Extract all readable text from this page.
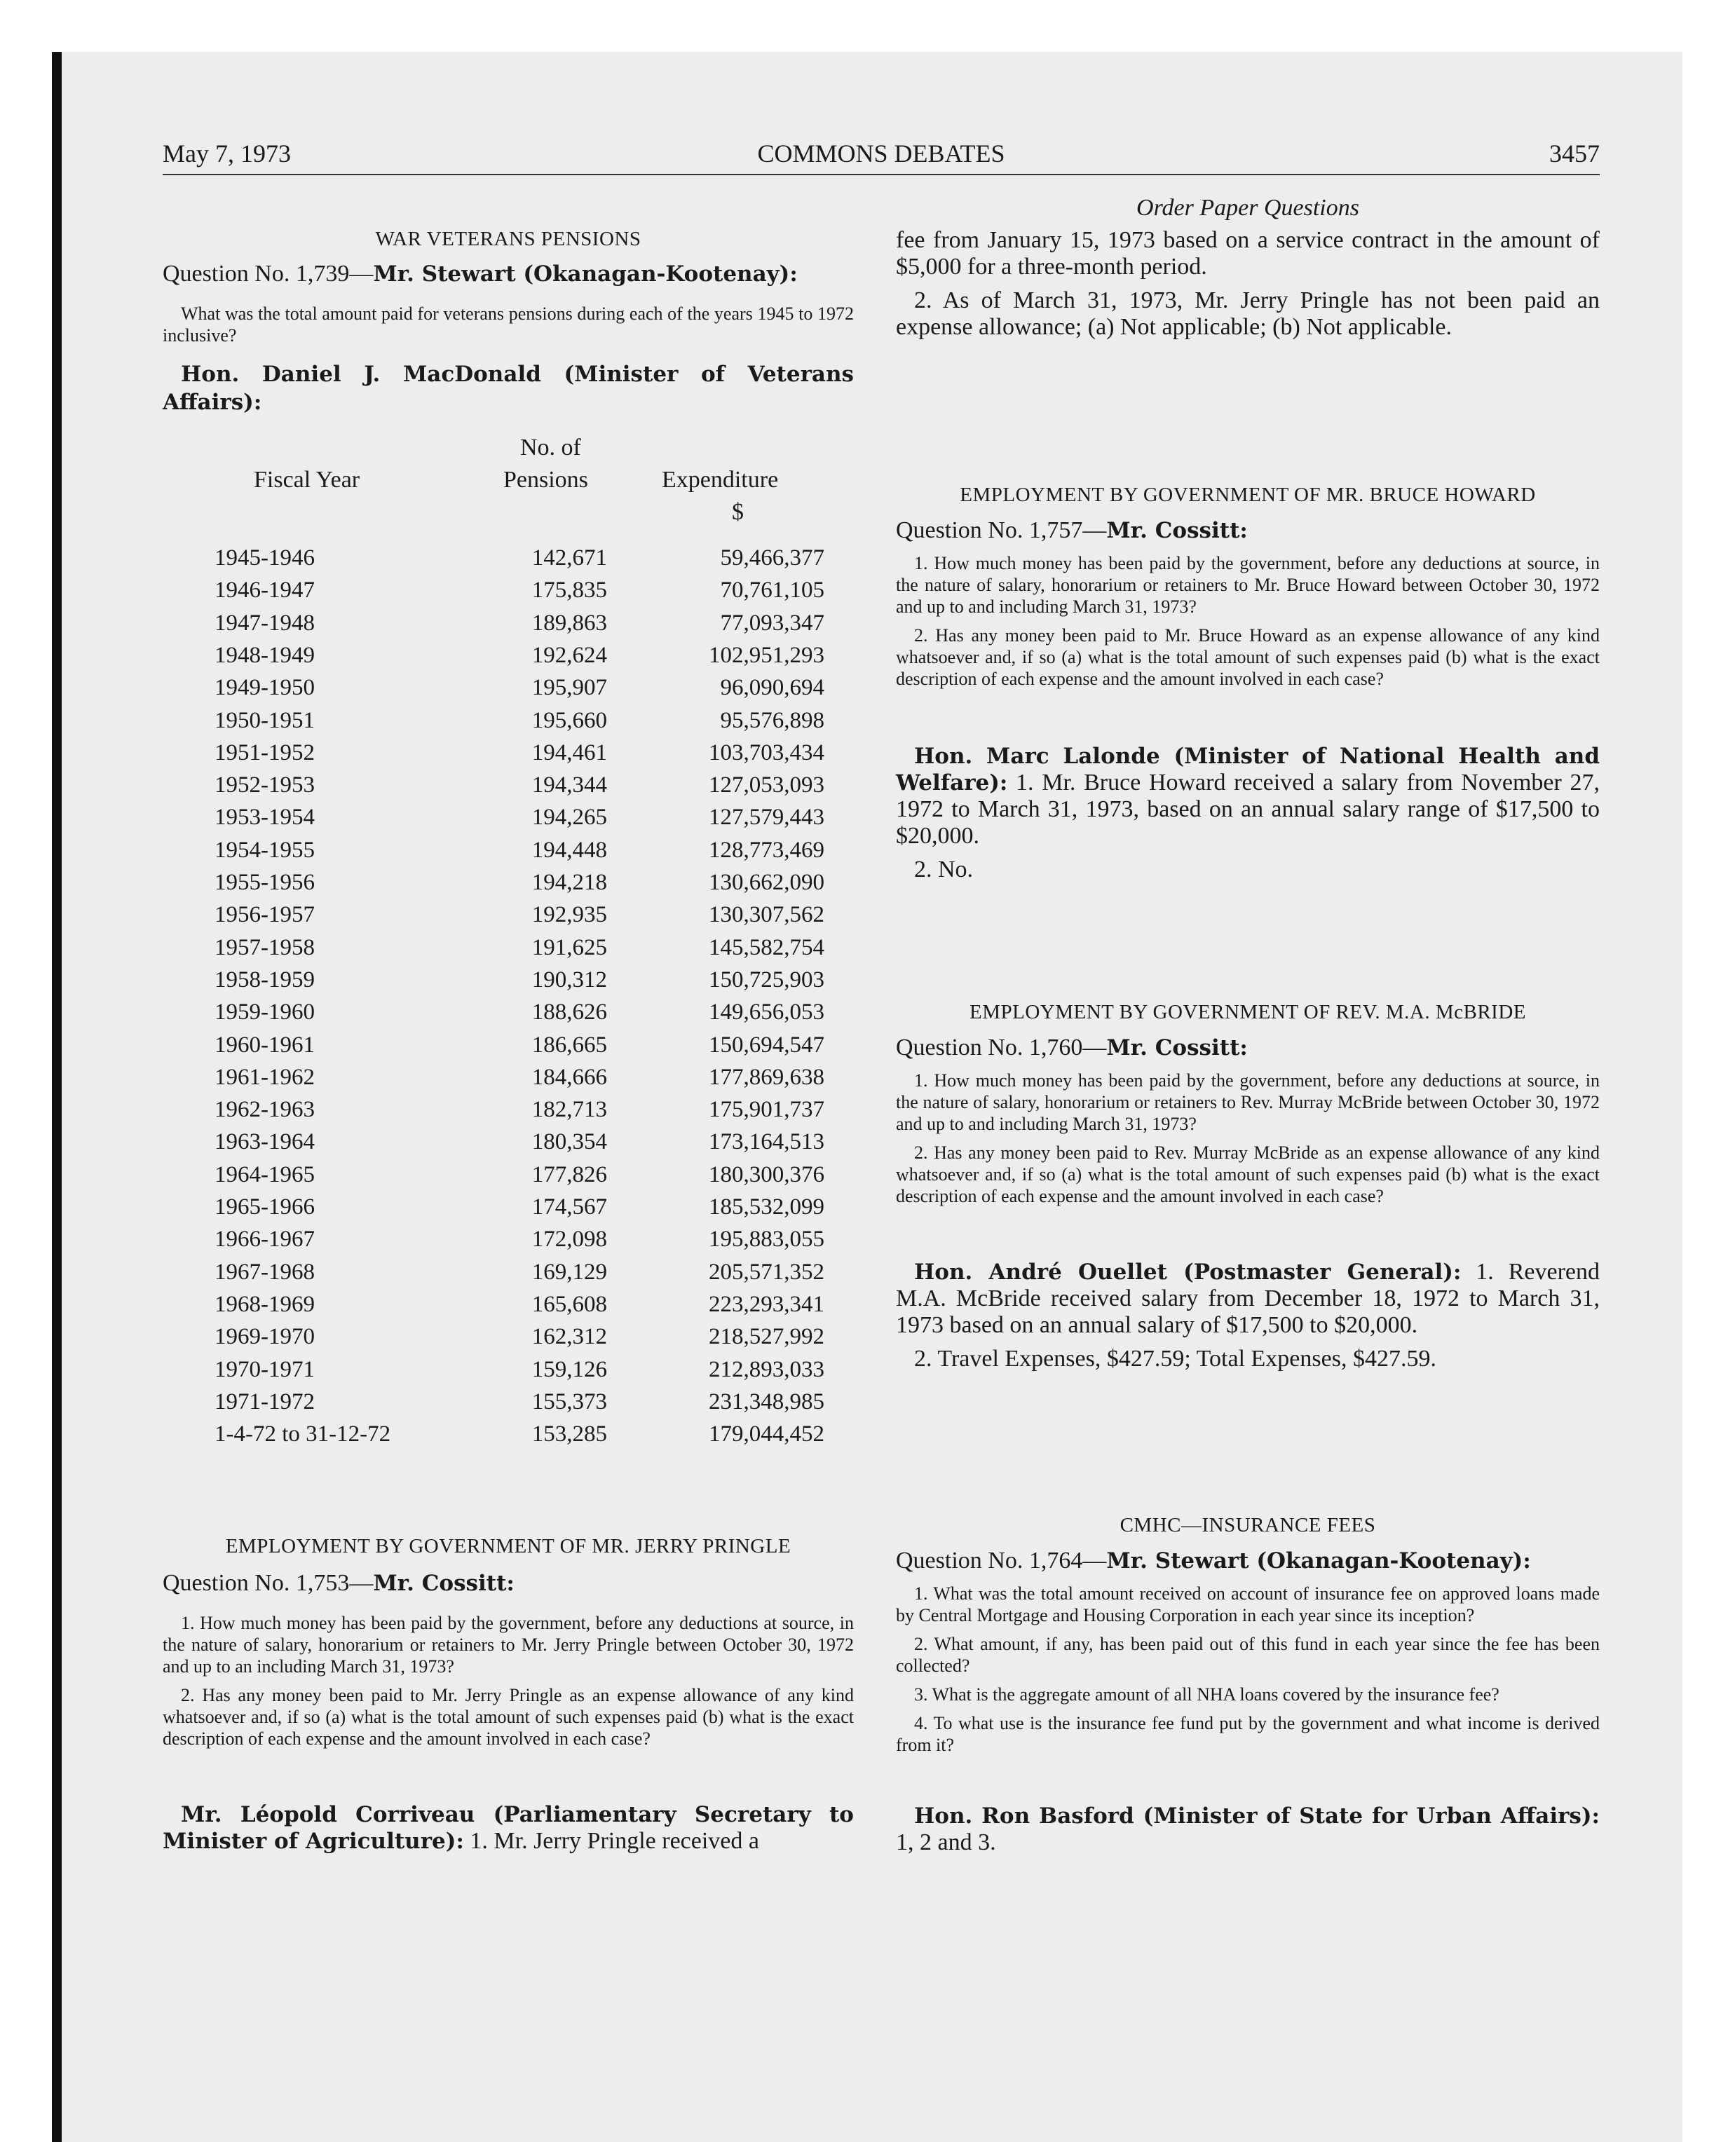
May 7, 1973	COMMONS DEBATES	3457
WAR VETERANS PENSIONS
Question No. 1,739—Mr. Stewart (Okanagan-Kootenay):

What was the total amount paid for veterans pensions during each of the years 1945 to 1972 inclusive?

Hon. Daniel J. MacDonald (Minister of Veterans Affairs):

No. of
Fiscal Year	Pensions	Expenditure
$
1945-1946	142,671	59,466,377
1946-1947	175,835	70,761,105
1947-1948	189,863	77,093,347
1948-1949	192,624	102,951,293
1949-1950	195,907	96,090,694
1950-1951	195,660	95,576,898
1951-1952	194,461	103,703,434
1952-1953	194,344	127,053,093
1953-1954	194,265	127,579,443
1954-1955	194,448	128,773,469
1955-1956	194,218	130,662,090
1956-1957	192,935	130,307,562
1957-1958	191,625	145,582,754
1958-1959	190,312	150,725,903
1959-1960	188,626	149,656,053
1960-1961	186,665	150,694,547
1961-1962	184,666	177,869,638
1962-1963	182,713	175,901,737
1963-1964	180,354	173,164,513
1964-1965	177,826	180,300,376
1965-1966	174,567	185,532,099
1966-1967	172,098	195,883,055
1967-1968	169,129	205,571,352
1968-1969	165,608	223,293,341
1969-1970	162,312	218,527,992
1970-1971	159,126	212,893,033
1971-1972	155,373	231,348,985
1-4-72 to 31-12-72	153,285	179,044,452
EMPLOYMENT BY GOVERNMENT OF MR. JERRY PRINGLE
Question No. 1,753—Mr. Cossitt:

1. How much money has been paid by the government, before any deductions at source, in the nature of salary, honorarium or retainers to Mr. Jerry Pringle between October 30, 1972 and up to an including March 31, 1973?

2. Has any money been paid to Mr. Jerry Pringle as an expense allowance of any kind whatsoever and, if so (a) what is the total amount of such expenses paid (b) what is the exact description of each expense and the amount involved in each case?

Mr. Léopold Corriveau (Parliamentary Secretary to Minister of Agriculture): 1. Mr. Jerry Pringle received a

Order Paper Questions

fee from January 15, 1973 based on a service contract in the amount of $5,000 for a three-month period.

2. As of March 31, 1973, Mr. Jerry Pringle has not been paid an expense allowance; (a) Not applicable; (b) Not applicable.

EMPLOYMENT BY GOVERNMENT OF MR. BRUCE HOWARD
Question No. 1,757—Mr. Cossitt:

1. How much money has been paid by the government, before any deductions at source, in the nature of salary, honorarium or retainers to Mr. Bruce Howard between October 30, 1972 and up to and including March 31, 1973?

2. Has any money been paid to Mr. Bruce Howard as an expense allowance of any kind whatsoever and, if so (a) what is the total amount of such expenses paid (b) what is the exact description of each expense and the amount involved in each case?

Hon. Marc Lalonde (Minister of National Health and Welfare): 1. Mr. Bruce Howard received a salary from November 27, 1972 to March 31, 1973, based on an annual salary range of $17,500 to $20,000.

2. No.

EMPLOYMENT BY GOVERNMENT OF REV. M.A. McBRIDE
Question No. 1,760—Mr. Cossitt:

1. How much money has been paid by the government, before any deductions at source, in the nature of salary, honorarium or retainers to Rev. Murray McBride between October 30, 1972 and up to and including March 31, 1973?

2. Has any money been paid to Rev. Murray McBride as an expense allowance of any kind whatsoever and, if so (a) what is the total amount of such expenses paid (b) what is the exact description of each expense and the amount involved in each case?

Hon. André Ouellet (Postmaster General): 1. Reverend M.A. McBride received salary from December 18, 1972 to March 31, 1973 based on an annual salary of $17,500 to $20,000.

2. Travel Expenses, $427.59; Total Expenses, $427.59.

CMHC—INSURANCE FEES
Question No. 1,764—Mr. Stewart (Okanagan-Kootenay):

1. What was the total amount received on account of insurance fee on approved loans made by Central Mortgage and Housing Corporation in each year since its inception?

2. What amount, if any, has been paid out of this fund in each year since the fee has been collected?

3. What is the aggregate amount of all NHA loans covered by the insurance fee?

4. To what use is the insurance fee fund put by the government and what income is derived from it?

Hon. Ron Basford (Minister of State for Urban Affairs): 1, 2 and 3.
